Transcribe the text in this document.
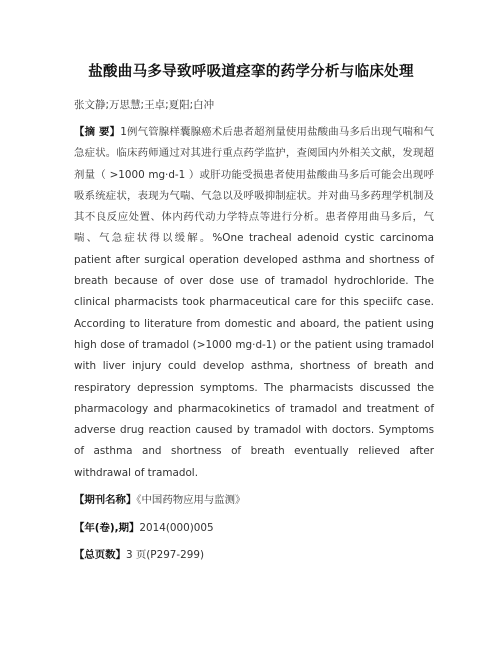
盐酸曲马多导致呼吸道痉挛的药学分析与临床处理
张文静;万思慧;王卓;夏阳;白冲
【摘 要】1例气管腺样囊腺癌术后患者超剂量使用盐酸曲马多后出现气喘和气急症状。临床药师通过对其进行重点药学监护，查阅国内外相关文献，发现超剂量（ >1000 mg·d-1 ）或肝功能受损患者使用盐酸曲马多后可能会出现呼吸系统症状，表现为气喘、气急以及呼吸抑制症状。并对曲马多药理学机制及其不良反应处置、体内药代动力学特点等进行分析。患者停用曲马多后，气喘、气急症状得以缓解。%One tracheal adenoid cystic carcinoma patient after surgical operation developed asthma and shortness of breath because of over dose use of tramadol hydrochloride. The clinical pharmacists took pharmaceutical care for this speciifc case. According to literature from domestic and aboard, the patient using high dose of tramadol (>1000 mg·d-1) or the patient using tramadol with liver injury could develop asthma, shortness of breath and respiratory depression symptoms. The pharmacists discussed the pharmacology and pharmacokinetics of tramadol and treatment of adverse drug reaction caused by tramadol with doctors. Symptoms of asthma and shortness of breath eventually relieved after withdrawal of tramadol.
【期刊名称】《中国药物应用与监测》
【年(卷),期】2014(000)005
【总页数】3 页(P297-299)
